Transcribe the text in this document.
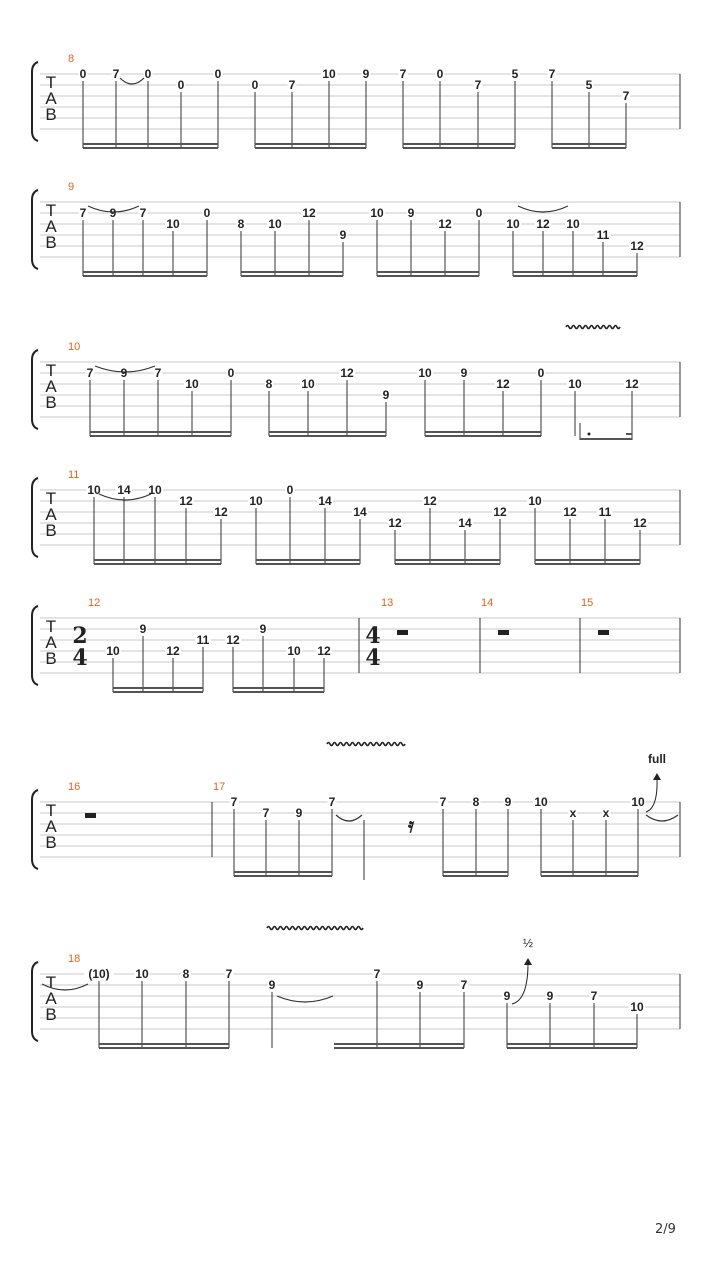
T
A
B
8
0 7 0
0
0
0	7
10 9	7	0
7
5	7
5
7
T
A
B
9
7 9 7
10
0
8 10
12
9
10 9
12
0
10 12 10
11
12
T
A
B
10
7 9 7
10
0
8 10
12
9
10 9
12
0
10	12
T
A
B
11
10 14 10
12
12
10
0
14
14
12
12
14
12
10
12 11
12
T
A
B
12	13	14	15
2
4
4
4
10
9
12
11 12
9
10 12
T
A
B
16	17
7
7 9
7	7 8 9 10
x x
10
T
A
B
18
(10) 10	8	7
9
7
9	7
9	9	7
10
full
½
𝄿
2/9
